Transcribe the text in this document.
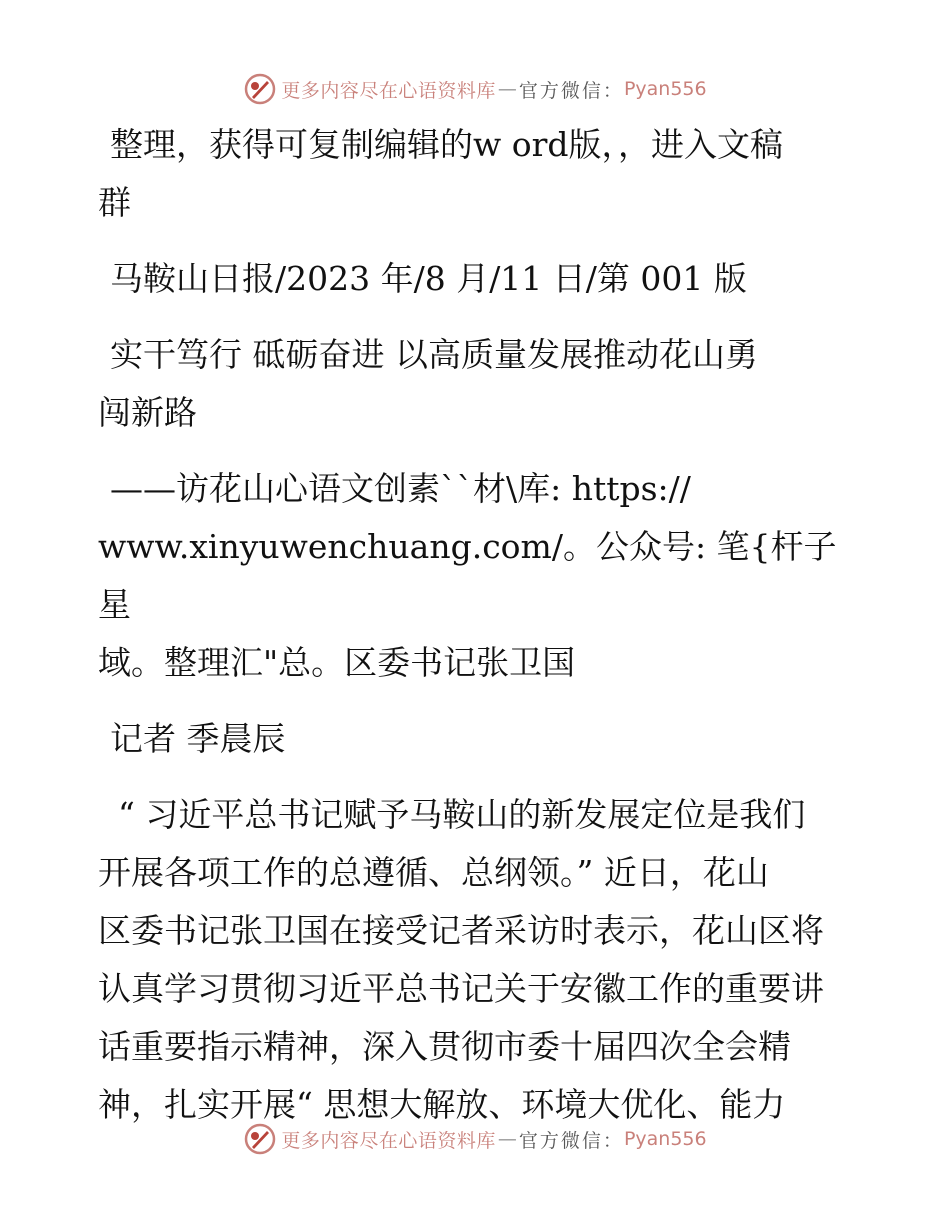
更多内容尽在心语资料库 — 官方微信 ： Pyan556
整理，获得可复制编辑的w ord版，，进入文稿
群
马鞍山日报/2023 年/8 月/11 日/第 001 版
实干笃行 砥砺奋进 以高质量发展推动花山勇
闯新路
——访花山心语文创素``材\库: https://
www.xinyuwenchuang.com/。公众号: 笔{杆子星
域。整理汇"总。区委书记张卫国
记者 季晨辰
“ 习近平总书记赋予马鞍山的新发展定位是我们
开展各项工作的总遵循、总纲领。” 近日，花山
区委书记张卫国在接受记者采访时表示，花山区将
认真学习贯彻习近平总书记关于安徽工作的重要讲
话重要指示精神，深入贯彻市委十届四次全会精
神，扎实开展“ 思想大解放、环境大优化、能力
更多内容尽在心语资料库 — 官方微信 ： Pyan556
